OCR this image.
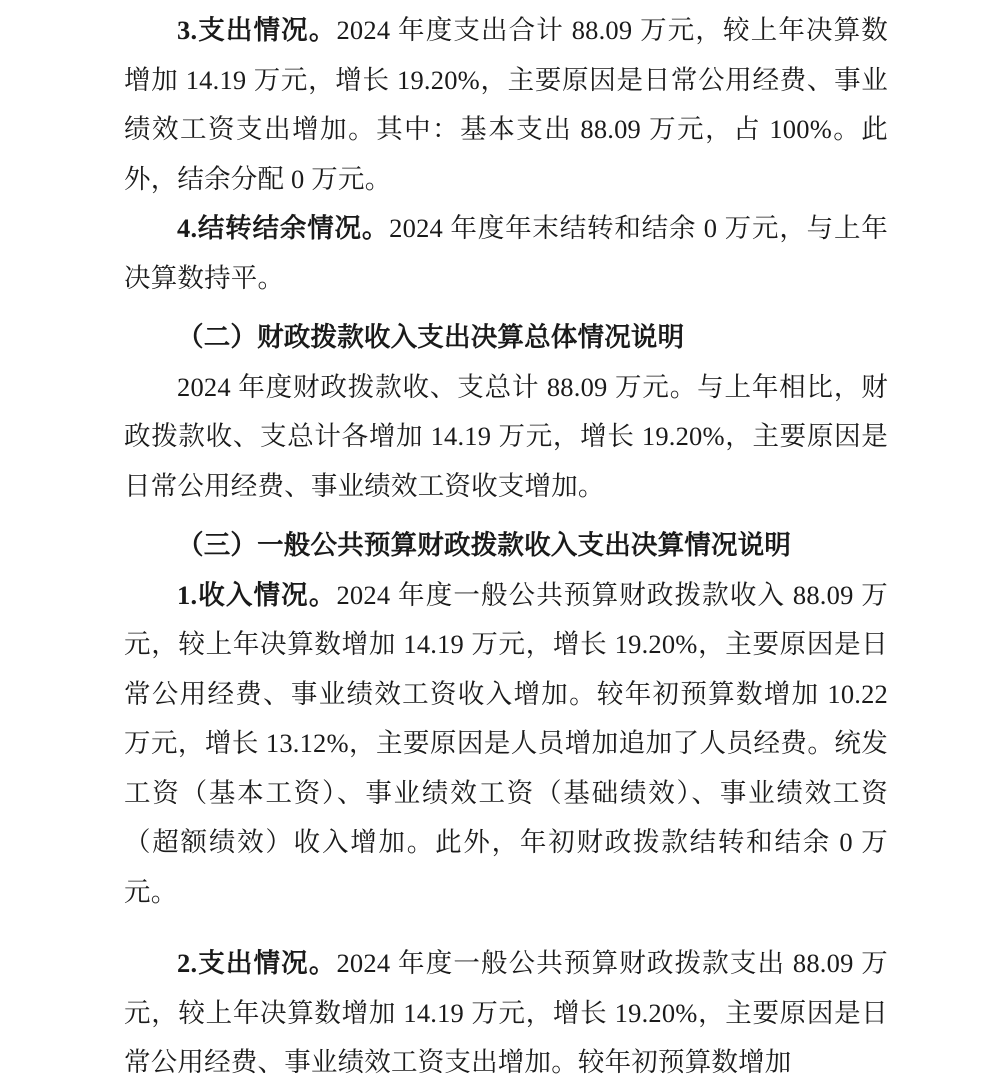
3.支出情况。2024 年度支出合计 88.09 万元，较上年决算数增加 14.19 万元，增长 19.20%，主要原因是日常公用经费、事业绩效工资支出增加。其中：基本支出 88.09 万元，占 100%。此外，结余分配 0 万元。

4.结转结余情况。2024 年度年末结转和结余 0 万元，与上年决算数持平。

（二）财政拨款收入支出决算总体情况说明

2024 年度财政拨款收、支总计 88.09 万元。与上年相比，财政拨款收、支总计各增加 14.19 万元，增长 19.20%，主要原因是日常公用经费、事业绩效工资收支增加。

（三）一般公共预算财政拨款收入支出决算情况说明

1.收入情况。2024 年度一般公共预算财政拨款收入 88.09 万元，较上年决算数增加 14.19 万元，增长 19.20%，主要原因是日常公用经费、事业绩效工资收入增加。较年初预算数增加 10.22 万元，增长 13.12%，主要原因是人员增加追加了人员经费。统发工资（基本工资）、事业绩效工资（基础绩效）、事业绩效工资（超额绩效）收入增加。此外，年初财政拨款结转和结余 0 万元。

2.支出情况。2024 年度一般公共预算财政拨款支出 88.09 万元，较上年决算数增加 14.19 万元，增长 19.20%，主要原因是日常公用经费、事业绩效工资支出增加。较年初预算数增加
